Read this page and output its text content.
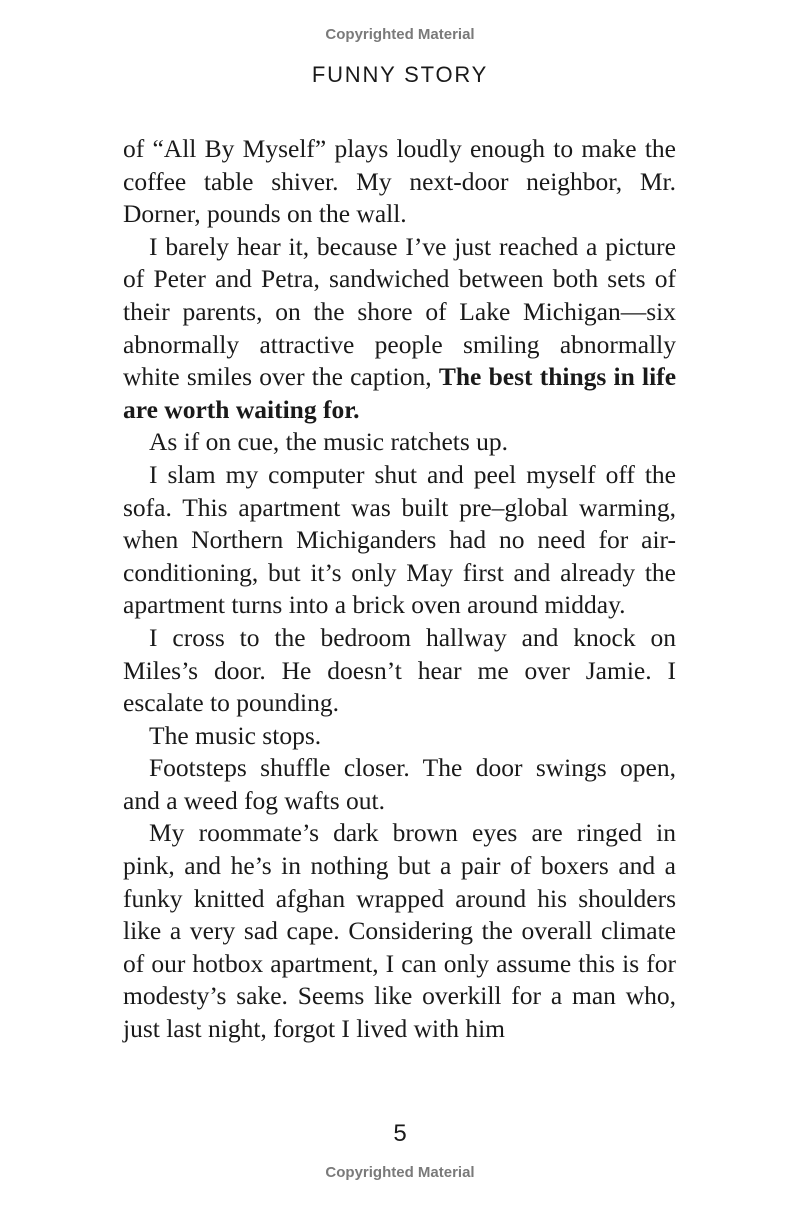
Copyrighted Material
FUNNY STORY

of “All By Myself” plays loudly enough to make the coffee table shiver. My next-door neighbor, Mr. Dorner, pounds on the wall.

I barely hear it, because I’ve just reached a picture of Peter and Petra, sandwiched between both sets of their parents, on the shore of Lake Michigan—six abnormally attractive people smiling abnormally white smiles over the caption, The best things in life are worth waiting for.

As if on cue, the music ratchets up.

I slam my computer shut and peel myself off the sofa. This apartment was built pre–global warming, when Northern Michiganders had no need for air-conditioning, but it’s only May first and already the apartment turns into a brick oven around midday.

I cross to the bedroom hallway and knock on Miles’s door. He doesn’t hear me over Jamie. I escalate to pounding.

The music stops.

Footsteps shuffle closer. The door swings open, and a weed fog wafts out.

My roommate’s dark brown eyes are ringed in pink, and he’s in nothing but a pair of boxers and a funky knitted afghan wrapped around his shoulders like a very sad cape. Considering the overall climate of our hotbox apartment, I can only assume this is for modesty’s sake. Seems like overkill for a man who, just last night, forgot I lived with him

5
Copyrighted Material
